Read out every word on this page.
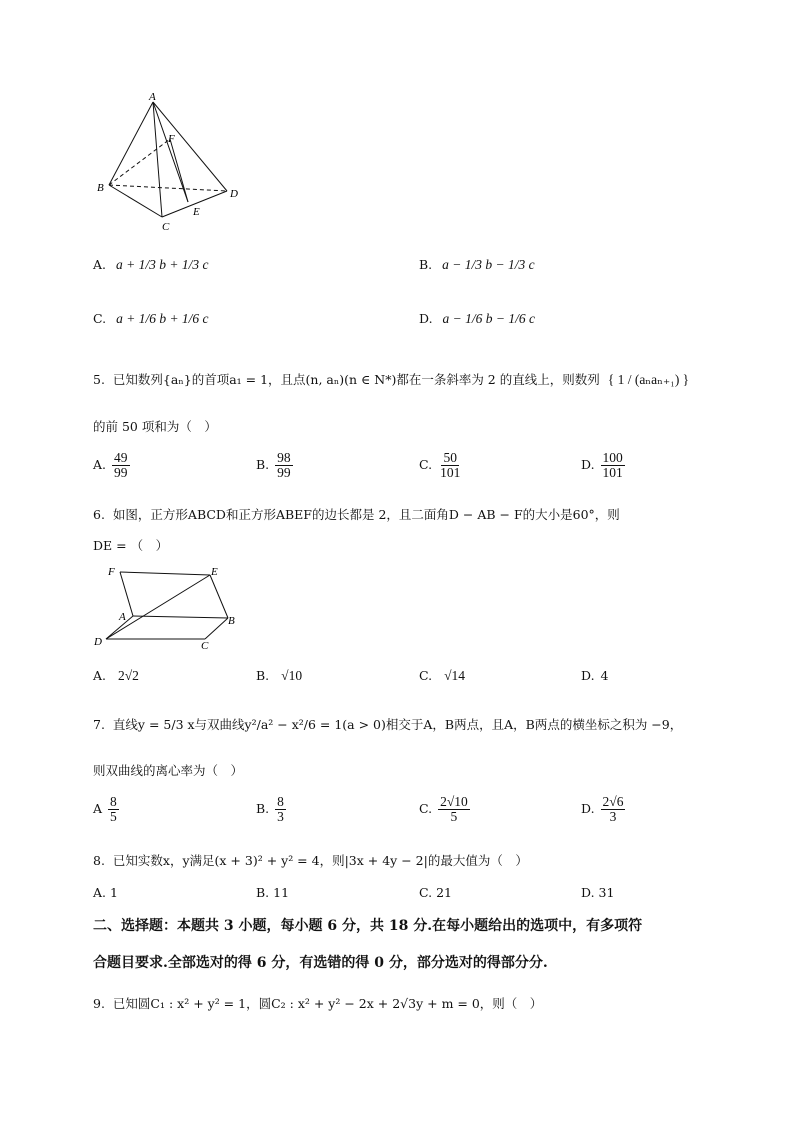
A
F
B	D
E
C
A. a + 1/3 b + 1/3 c	B. a − 1/3 b − 1/3 c
C. a + 1/6 b + 1/6 c	D. a − 1/6 b − 1/6 c
5. 已知数列{aₙ}的首项a₁ = 1，且点(n, aₙ)(n ∈ N*)都在一条斜率为 2 的直线上，则数列 { 1 / (aₙaₙ₊₁) }
的前 50 项和为（　）
A. $\frac{49}{99}$	B. $\frac{98}{99}$	C. $\frac{50}{101}$	D. $\frac{100}{101}$
6. 如图，正方形ABCD和正方形ABEF的边长都是 2，且二面角D − AB − F的大小是60°，则
DE = （　）
F	E
A	B
D	C
A. 2√2	B. √10	C. √14	D. 4
7. 直线y = 5/3 x与双曲线y²/a² − x²/6 = 1(a > 0)相交于A，B两点，且A，B两点的横坐标之积为 −9，
则双曲线的离心率为（　）
A $\frac{8}{5}$	B. $\frac{8}{3}$	C. $\frac{2√10}{5}$	D. $\frac{2√6}{3}$
8. 已知实数x，y满足(x + 3)² + y² = 4，则|3x + 4y − 2|的最大值为（　）
A. 1	B. 11	C. 21	D. 31
二、选择题：本题共 3 小题，每小题 6 分，共 18 分.在每小题给出的选项中，有多项符
合题目要求.全部选对的得 6 分，有选错的得 0 分，部分选对的得部分分.
9. 已知圆C₁ : x² + y² = 1，圆C₂ : x² + y² − 2x + 2√3y + m = 0，则（　）
